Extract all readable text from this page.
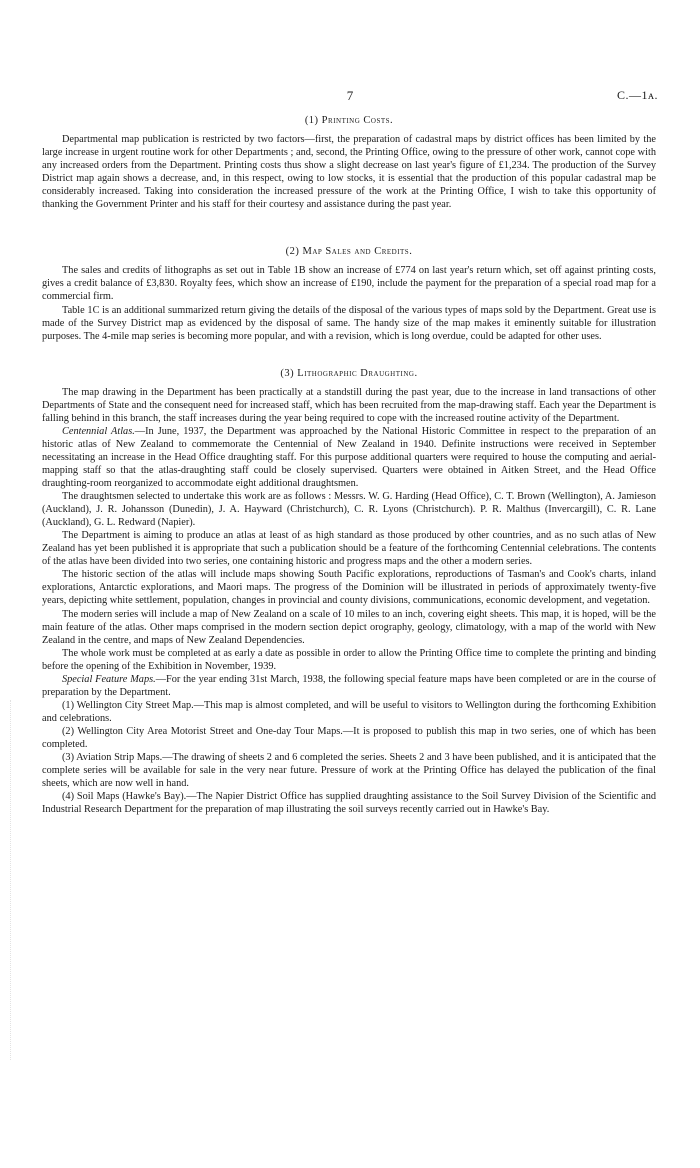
7	C.—1ᴀ.
(1) Printing Costs.

Departmental map publication is restricted by two factors—first, the preparation of cadastral maps by district offices has been limited by the large increase in urgent routine work for other Departments ; and, second, the Printing Office, owing to the pressure of other work, cannot cope with any increased orders from the Department. Printing costs thus show a slight decrease on last year's figure of £1,234. The production of the Survey District map again shows a decrease, and, in this respect, owing to low stocks, it is essential that the production of this popular cadastral map be considerably increased. Taking into consideration the increased pressure of the work at the Printing Office, I wish to take this opportunity of thanking the Government Printer and his staff for their courtesy and assistance during the past year.

(2) Map Sales and Credits.

The sales and credits of lithographs as set out in Table 1B show an increase of £774 on last year's return which, set off against printing costs, gives a credit balance of £3,830. Royalty fees, which show an increase of £190, include the payment for the preparation of a special road map for a commercial firm.

Table 1C is an additional summarized return giving the details of the disposal of the various types of maps sold by the Department. Great use is made of the Survey District map as evidenced by the disposal of same. The handy size of the map makes it eminently suitable for illustration purposes. The 4-mile map series is becoming more popular, and with a revision, which is long overdue, could be adapted for other uses.

(3) Lithographic Draughting.

The map drawing in the Department has been practically at a standstill during the past year, due to the increase in land transactions of other Departments of State and the consequent need for increased staff, which has been recruited from the map-drawing staff. Each year the Department is falling behind in this branch, the staff increases during the year being required to cope with the increased routine activity of the Department.

Centennial Atlas.—In June, 1937, the Department was approached by the National Historic Committee in respect to the preparation of an historic atlas of New Zealand to commemorate the Centennial of New Zealand in 1940. Definite instructions were received in September necessitating an increase in the Head Office draughting staff. For this purpose additional quarters were required to house the computing and aerial-mapping staff so that the atlas-draughting staff could be closely supervised. Quarters were obtained in Aitken Street, and the Head Office draughting-room reorganized to accommodate eight additional draughtsmen.

The draughtsmen selected to undertake this work are as follows : Messrs. W. G. Harding (Head Office), C. T. Brown (Wellington), A. Jamieson (Auckland), J. R. Johansson (Dunedin), J. A. Hayward (Christchurch), C. R. Lyons (Christchurch). P. R. Malthus (Invercargill), C. R. Lane (Auckland), G. L. Redward (Napier).

The Department is aiming to produce an atlas at least of as high standard as those produced by other countries, and as no such atlas of New Zealand has yet been published it is appropriate that such a publication should be a feature of the forthcoming Centennial celebrations. The contents of the atlas have been divided into two series, one containing historic and progress maps and the other a modern series.

The historic section of the atlas will include maps showing South Pacific explorations, reproductions of Tasman's and Cook's charts, inland explorations, Antarctic explorations, and Maori maps. The progress of the Dominion will be illustrated in periods of approximately twenty-five years, depicting white settlement, population, changes in provincial and county divisions, communications, economic development, and vegetation.

The modern series will include a map of New Zealand on a scale of 10 miles to an inch, covering eight sheets. This map, it is hoped, will be the main feature of the atlas. Other maps comprised in the modern section depict orography, geology, climatology, with a map of the world with New Zealand in the centre, and maps of New Zealand Dependencies.

The whole work must be completed at as early a date as possible in order to allow the Printing Office time to complete the printing and binding before the opening of the Exhibition in November, 1939.

Special Feature Maps.—For the year ending 31st March, 1938, the following special feature maps have been completed or are in the course of preparation by the Department.

(1) Wellington City Street Map.—This map is almost completed, and will be useful to visitors to Wellington during the forthcoming Exhibition and celebrations.

(2) Wellington City Area Motorist Street and One-day Tour Maps.—It is proposed to publish this map in two series, one of which has been completed.

(3) Aviation Strip Maps.—The drawing of sheets 2 and 6 completed the series. Sheets 2 and 3 have been published, and it is anticipated that the complete series will be available for sale in the very near future. Pressure of work at the Printing Office has delayed the publication of the final sheets, which are now well in hand.

(4) Soil Maps (Hawke's Bay).—The Napier District Office has supplied draughting assistance to the Soil Survey Division of the Scientific and Industrial Research Department for the preparation of map illustrating the soil surveys recently carried out in Hawke's Bay.
